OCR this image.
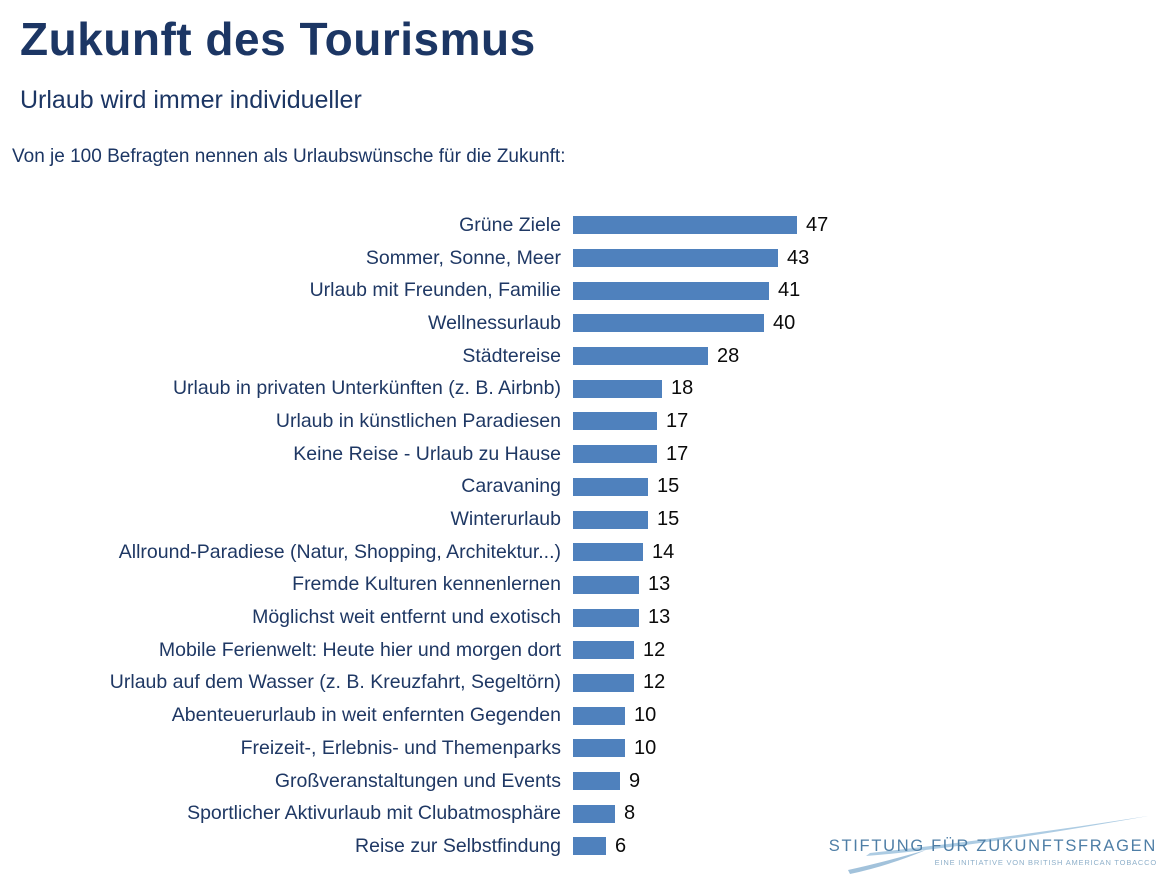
Zukunft des Tourismus
Urlaub wird immer individueller
Von je 100 Befragten nennen als Urlaubswünsche für die Zukunft:
Grüne Ziele	47
Sommer, Sonne, Meer	43
Urlaub mit Freunden, Familie	41
Wellnessurlaub	40
Städtereise	28
Urlaub in privaten Unterkünften (z. B. Airbnb)	18
Urlaub in künstlichen Paradiesen	17
Keine Reise - Urlaub zu Hause	17
Caravaning	15
Winterurlaub	15
Allround-Paradiese (Natur, Shopping, Architektur...)	14
Fremde Kulturen kennenlernen	13
Möglichst weit entfernt und exotisch	13
Mobile Ferienwelt: Heute hier und morgen dort	12
Urlaub auf dem Wasser (z. B. Kreuzfahrt, Segeltörn)	12
Abenteuerurlaub in weit enfernten Gegenden	10
Freizeit-, Erlebnis- und Themenparks	10
Großveranstaltungen und Events	9
Sportlicher Aktivurlaub mit Clubatmosphäre	8
Reise zur Selbstfindung	6	STIFTUNG FÜR ZUKUNFTSFRAGEN
EINE INITIATIVE VON BRITISH AMERICAN TOBACCO
